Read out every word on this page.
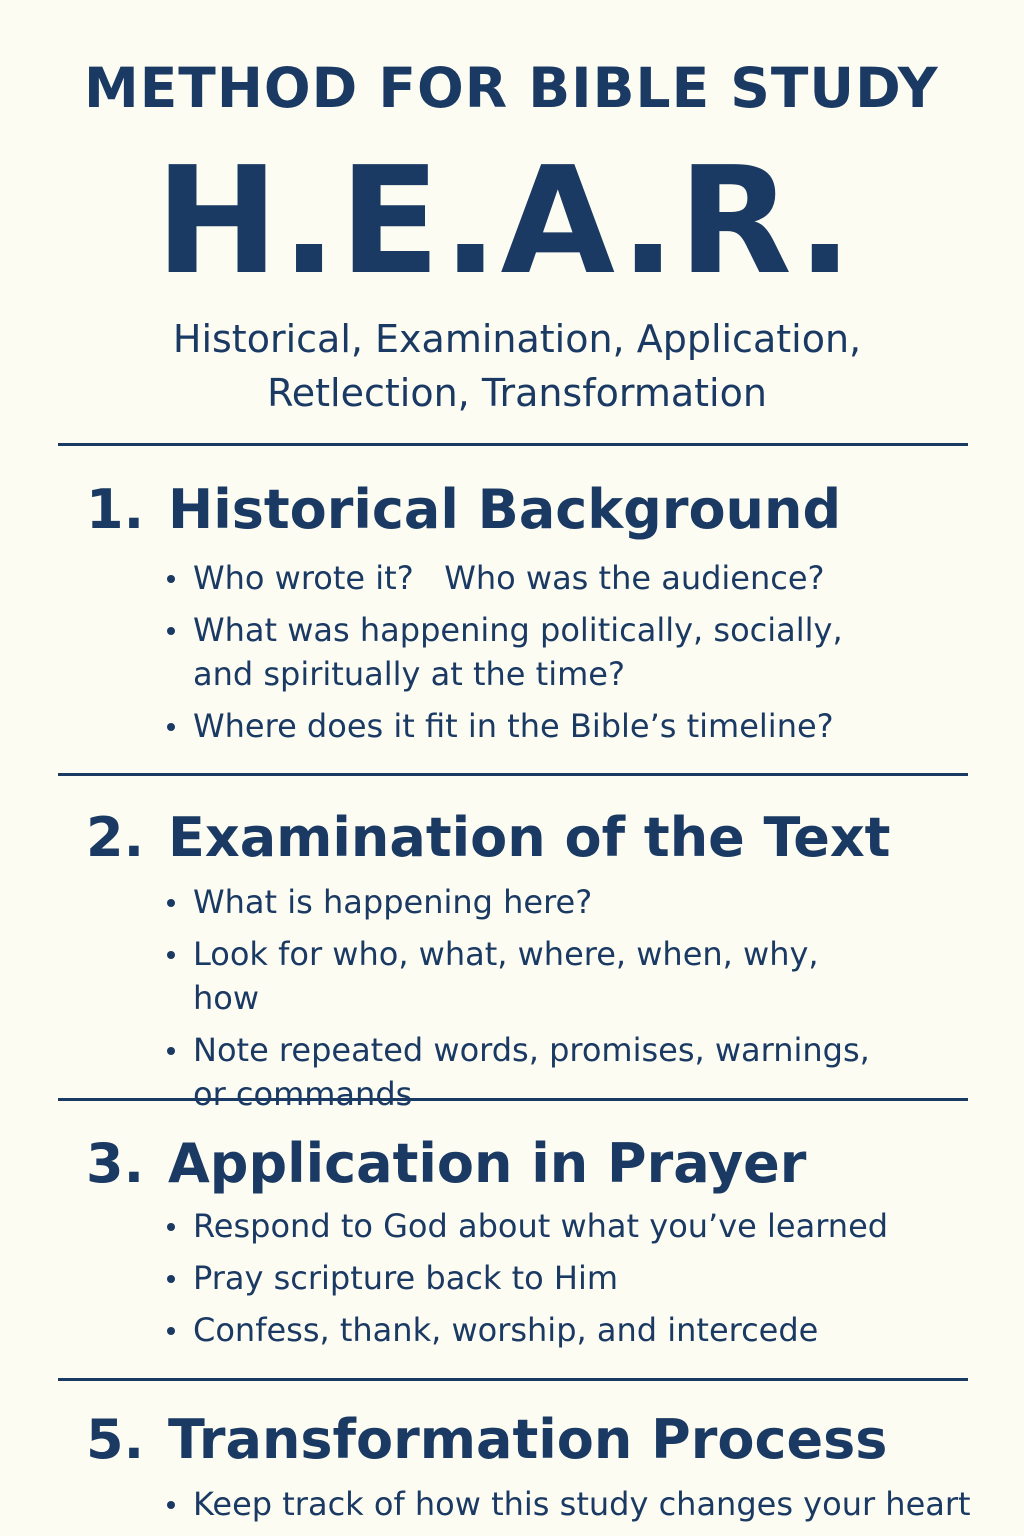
METHOD FOR BIBLE STUDY
H.E.A.R.
Historical, Examination, Application,
Retlection, Transformation
1. Historical Background
Who wrote it?   Who was the audience?
What was happening politically, socially, and spiritually at the time?
Where does it fit in the Bible’s timeline?
2. Examination of the Text
What is happening here?
Look for who, what, where, when, why, how
Note repeated words, promises, warnings, or commands
3. Application in Prayer
Respond to God about what you’ve learned
Pray scripture back to Him
Confess, thank, worship, and intercede
5. Transformation Process
Keep track of how this study changes your heart
